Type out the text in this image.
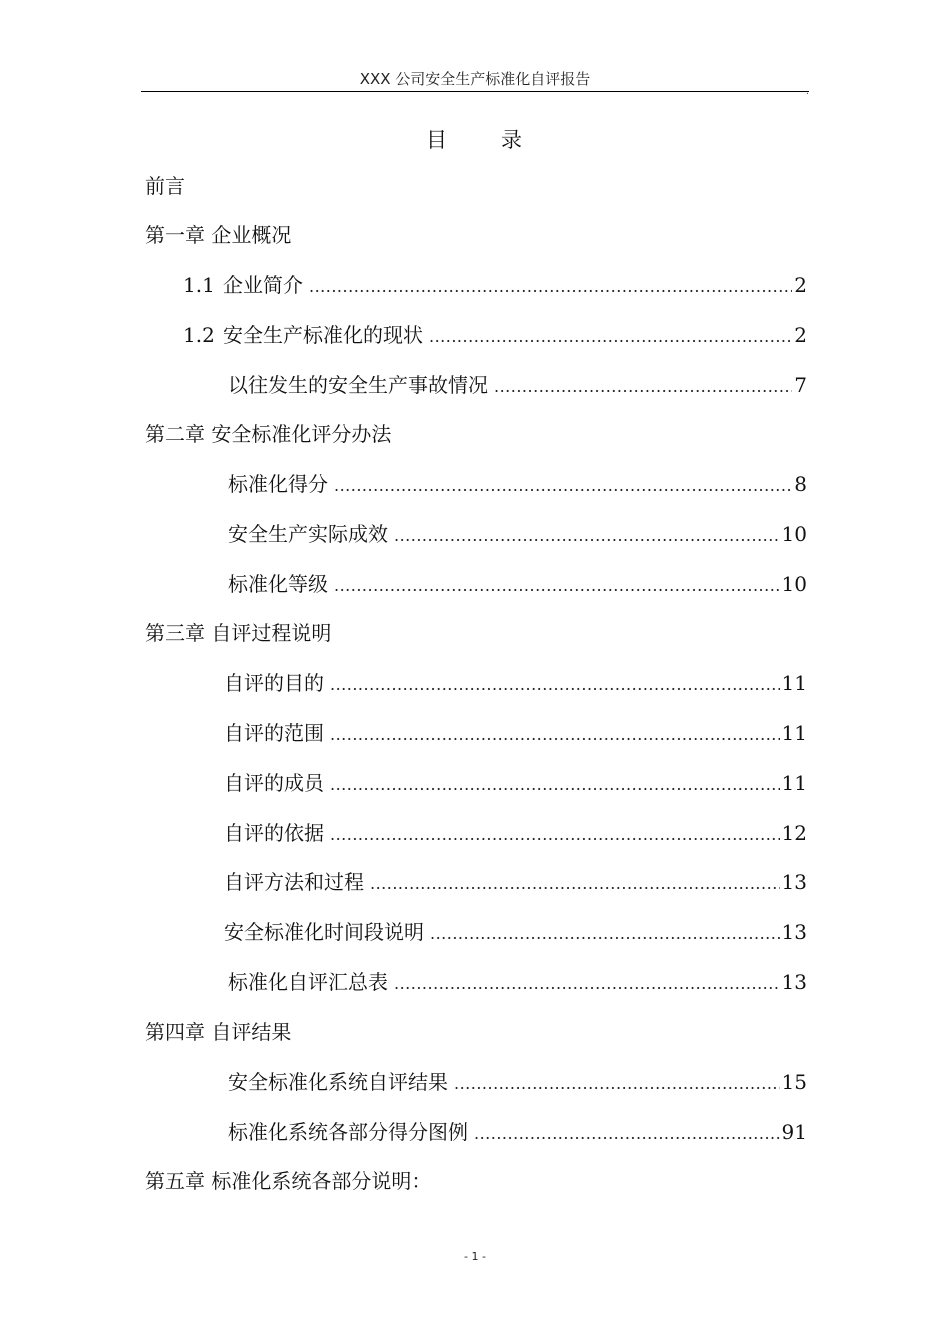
XXX 公司安全生产标准化自评报告
.
目 录
前言
第一章 企业概况
1.1 企业简介 .....	2
1.2 安全生产标准化的现状 .....	2
以往发生的安全生产事故情况 .....	7
第二章 安全标准化评分办法
标准化得分 .....	8
安全生产实际成效 .....	10
标准化等级 .....	10
第三章 自评过程说明
自评的目的 .....	11
自评的范围 .....	11
自评的成员 .....	11
自评的依据 .....	12
自评方法和过程 .....	13
安全标准化时间段说明 .....	13
标准化自评汇总表 .....	13
第四章 自评结果
安全标准化系统自评结果 .....	15
标准化系统各部分得分图例 .....	91
第五章 标准化系统各部分说明：
- 1 -
